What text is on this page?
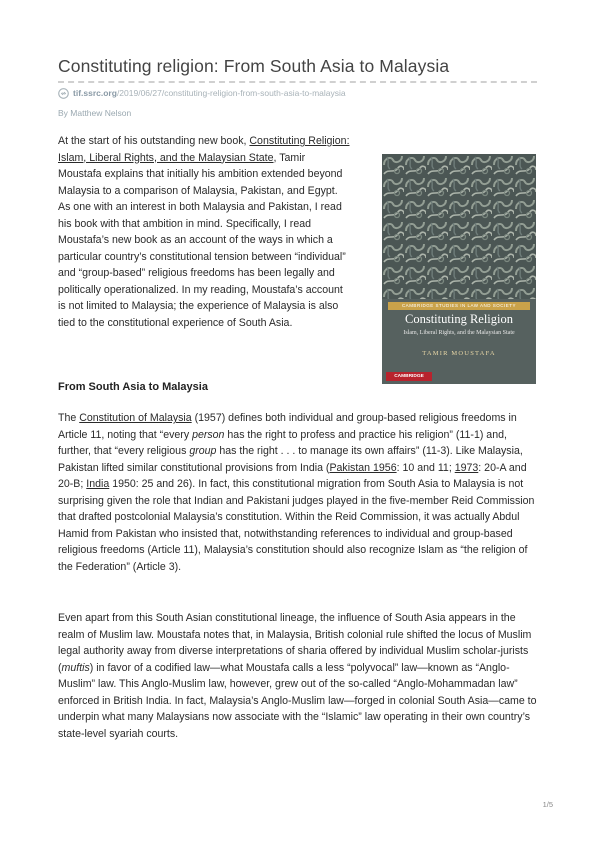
Constituting religion: From South Asia to Malaysia
tif.ssrc.org /2019/06/27/constituting-religion-from-south-asia-to-malaysia
By Matthew Nelson

At the start of his outstanding new book, Constituting Religion: Islam, Liberal Rights, and the Malaysian State, Tamir Moustafa explains that initially his ambition extended beyond Malaysia to a comparison of Malaysia, Pakistan, and Egypt. As one with an interest in both Malaysia and Pakistan, I read his book with that ambition in mind. Specifically, I read Moustafa’s new book as an account of the ways in which a particular country’s constitutional tension between “individual” and “group-based” religious freedoms has been legally and politically operationalized. In my reading, Moustafa’s account is not limited to Malaysia; the experience of Malaysia is also tied to the constitutional experience of South Asia.

CAMBRIDGE STUDIES IN LAW AND SOCIETY
Constituting Religion
Islam, Liberal Rights, and the Malaysian State
TAMIR MOUSTAFA
CAMBRIDGE
From South Asia to Malaysia

The Constitution of Malaysia (1957) defines both individual and group-based religious freedoms in Article 11, noting that “every person has the right to profess and practice his religion” (11-1) and, further, that “every religious group has the right . . . to manage its own affairs” (11-3). Like Malaysia, Pakistan lifted similar constitutional provisions from India (Pakistan 1956: 10 and 11; 1973: 20-A and 20-B; India 1950: 25 and 26). In fact, this constitutional migration from South Asia to Malaysia is not surprising given the role that Indian and Pakistani judges played in the five-member Reid Commission that drafted postcolonial Malaysia’s constitution. Within the Reid Commission, it was actually Abdul Hamid from Pakistan who insisted that, notwithstanding references to individual and group-based religious freedoms (Article 11), Malaysia’s constitution should also recognize Islam as “the religion of the Federation” (Article 3).

Even apart from this South Asian constitutional lineage, the influence of South Asia appears in the realm of Muslim law. Moustafa notes that, in Malaysia, British colonial rule shifted the locus of Muslim legal authority away from diverse interpretations of sharia offered by individual Muslim scholar-jurists (muftis) in favor of a codified law—what Moustafa calls a less “polyvocal” law—known as “Anglo-Muslim” law. This Anglo-Muslim law, however, grew out of the so-called “Anglo-Mohammadan law” enforced in British India. In fact, Malaysia’s Anglo-Muslim law—forged in colonial South Asia—came to underpin what many Malaysians now associate with the “Islamic” law operating in their own country’s state-level syariah courts.

1/5
